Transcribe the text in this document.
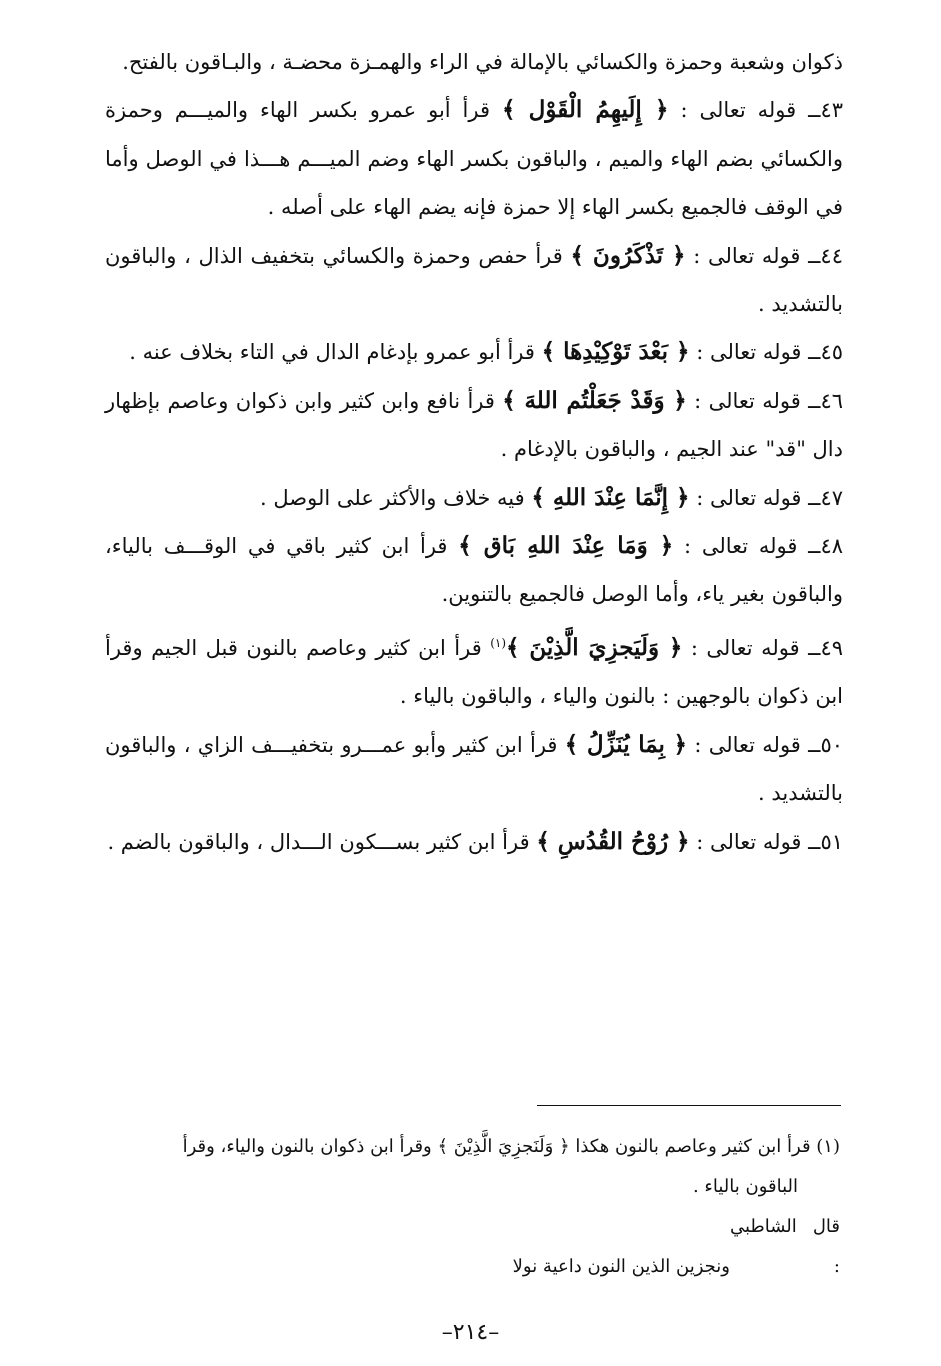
ذكوان وشعبة وحمزة والكسائي بالإمالة في الراء والهمـزة محضـة ، والبـاقون بالفتح.

٤٣ــ قوله تعالى : ﴿ إِلَيهِمُ الْقَوْل ﴾ قرأ أبو عمرو بكسر الهاء والميـــم وحمزة والكسائي بضم الهاء والميم ، والباقون بكسر الهاء وضم الميـــم هـــذا في الوصل وأما في الوقف فالجميع بكسر الهاء إلا حمزة فإنه يضم الهاء على أصله .

٤٤ــ قوله تعالى : ﴿ تَذْكَرُونَ ﴾ قرأ حفص وحمزة والكسائي بتخفيف الذال ، والباقون بالتشديد .

٤٥ــ قوله تعالى : ﴿ بَعْدَ تَوْكِيْدِهَا ﴾ قرأ أبو عمرو بإدغام الدال في التاء بخلاف عنه .

٤٦ــ قوله تعالى : ﴿ وَقَدْ جَعَلْتُم اللهَ ﴾ قرأ نافع وابن كثير وابن ذكوان وعاصم بإظهار دال "قد" عند الجيم ، والباقون بالإدغام .

٤٧ــ قوله تعالى : ﴿ إِنَّمَا عِنْدَ اللهِ ﴾ فيه خلاف والأكثر على الوصل .

٤٨ــ قوله تعالى : ﴿ وَمَا عِنْدَ اللهِ بَاق ﴾ قرأ ابن كثير باقي في الوقـــف بالياء، والباقون بغير ياء، وأما الوصل فالجميع بالتنوين.

٤٩ــ قوله تعالى : ﴿ وَلَيَجزِيَ الَّذِيْنَ ﴾$^{(١)}$ قرأ ابن كثير وعاصم بالنون قبل الجيم وقرأ ابن ذكوان بالوجهين : بالنون والياء ، والباقون بالياء .

٥٠ــ قوله تعالى : ﴿ بِمَا يُنَزِّلُ ﴾ قرأ ابن كثير وأبو عمـــرو بتخفيـــف الزاي ، والباقون بالتشديد .

٥١ــ قوله تعالى : ﴿ رُوْحُ القُدُسِ ﴾ قرأ ابن كثير بســـكون الـــدال ، والباقون بالضم .

(١) قرأ ابن كثير وعاصم بالنون هكذا ﴿ وَلَنَجزِيَ الَّذِيْنَ ﴾ وقرأ ابن ذكوان بالنون والياء، وقرأ
الباقون بالياء .
قال الشاطبي :ونجزين الذين النون داعية نولا
–٢١٤–
